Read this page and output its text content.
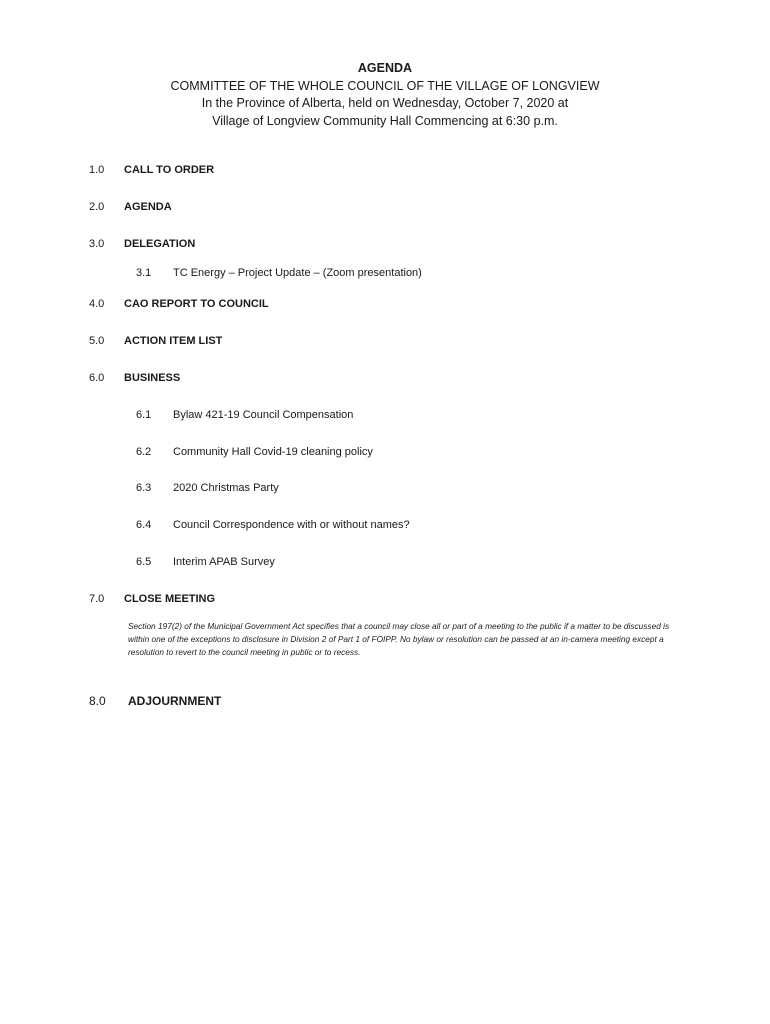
AGENDA
COMMITTEE OF THE WHOLE COUNCIL OF THE VILLAGE OF LONGVIEW
In the Province of Alberta, held on Wednesday, October 7, 2020 at
Village of Longview Community Hall Commencing at 6:30 p.m.
1.0	CALL TO ORDER
2.0	AGENDA
3.0	DELEGATION
3.1	TC Energy – Project Update – (Zoom presentation)
4.0	CAO REPORT TO COUNCIL
5.0	ACTION ITEM LIST
6.0	BUSINESS
6.1	Bylaw 421-19 Council Compensation
6.2	Community Hall Covid-19 cleaning policy
6.3	2020 Christmas Party
6.4	Council Correspondence with or without names?
6.5	Interim APAB Survey
7.0	CLOSE MEETING
Section 197(2) of the Municipal Government Act specifies that a council may close all or part of a meeting to the public if a matter to be discussed is within one of the exceptions to disclosure in Division 2 of Part 1 of FOIPP. No bylaw or resolution can be passed at an in-camera meeting except a resolution to revert to the council meeting in public or to recess.
8.0	ADJOURNMENT
